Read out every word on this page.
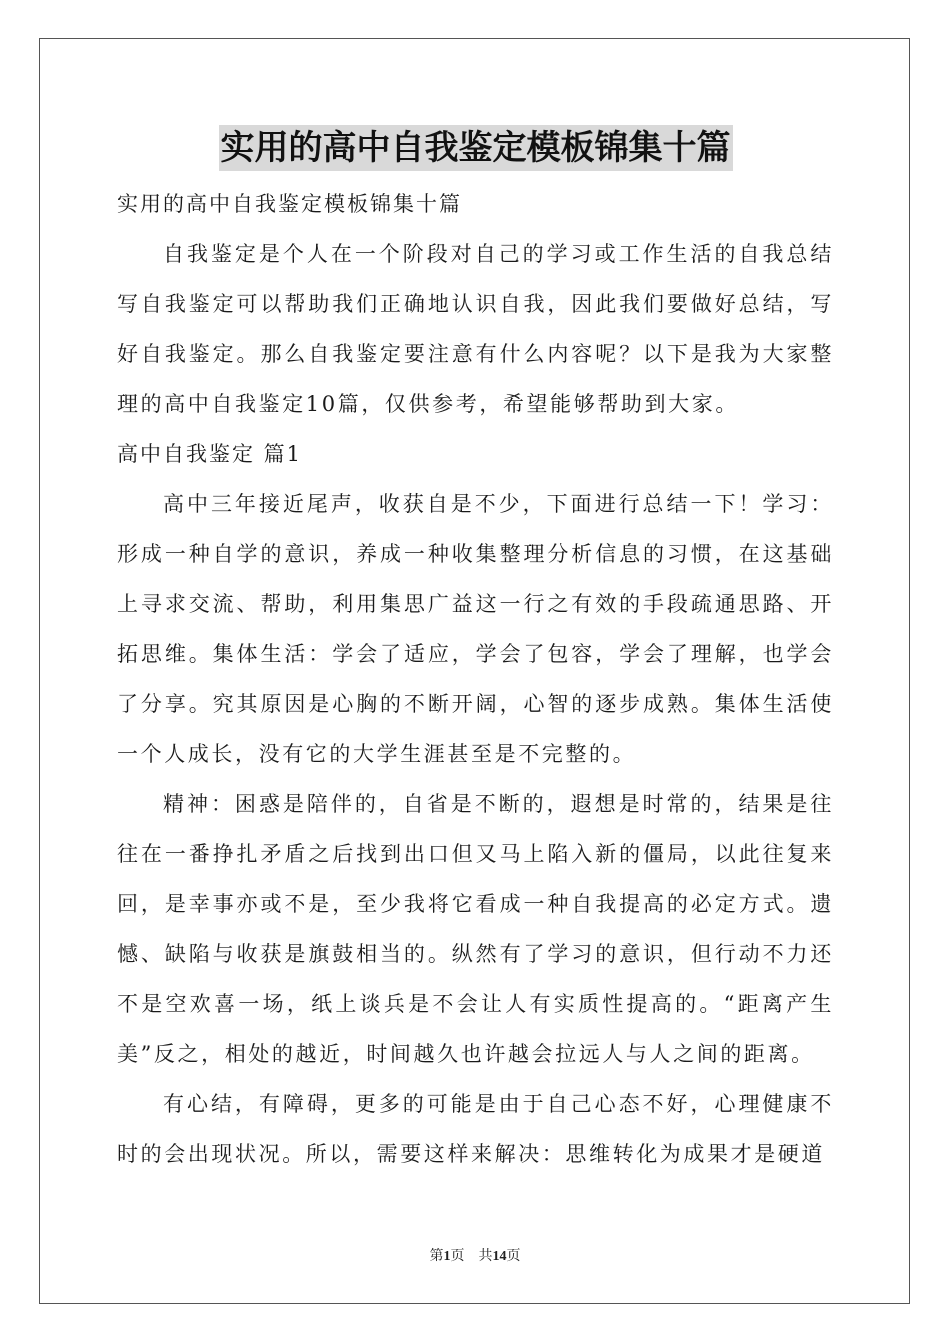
实用的高中自我鉴定模板锦集十篇
实用的高中自我鉴定模板锦集十篇

自我鉴定是个人在一个阶段对自己的学习或工作生活的自我总结写自我鉴定可以帮助我们正确地认识自我，因此我们要做好总结，写好自我鉴定。那么自我鉴定要注意有什么内容呢？以下是我为大家整理的高中自我鉴定10篇，仅供参考，希望能够帮助到大家。

高中自我鉴定 篇1

高中三年接近尾声，收获自是不少，下面进行总结一下！学习：形成一种自学的意识，养成一种收集整理分析信息的习惯，在这基础上寻求交流、帮助，利用集思广益这一行之有效的手段疏通思路、开拓思维。集体生活：学会了适应，学会了包容，学会了理解，也学会了分享。究其原因是心胸的不断开阔，心智的逐步成熟。集体生活使一个人成长，没有它的大学生涯甚至是不完整的。

精神：困惑是陪伴的，自省是不断的，遐想是时常的，结果是往往在一番挣扎矛盾之后找到出口但又马上陷入新的僵局，以此往复来回，是幸事亦或不是，至少我将它看成一种自我提高的必定方式。遗憾、缺陷与收获是旗鼓相当的。纵然有了学习的意识，但行动不力还不是空欢喜一场，纸上谈兵是不会让人有实质性提高的。“距离产生美”反之，相处的越近，时间越久也许越会拉远人与人之间的距离。

有心结，有障碍，更多的可能是由于自己心态不好，心理健康不时的会出现状况。所以，需要这样来解决：思维转化为成果才是硬道

第1页 共14页
